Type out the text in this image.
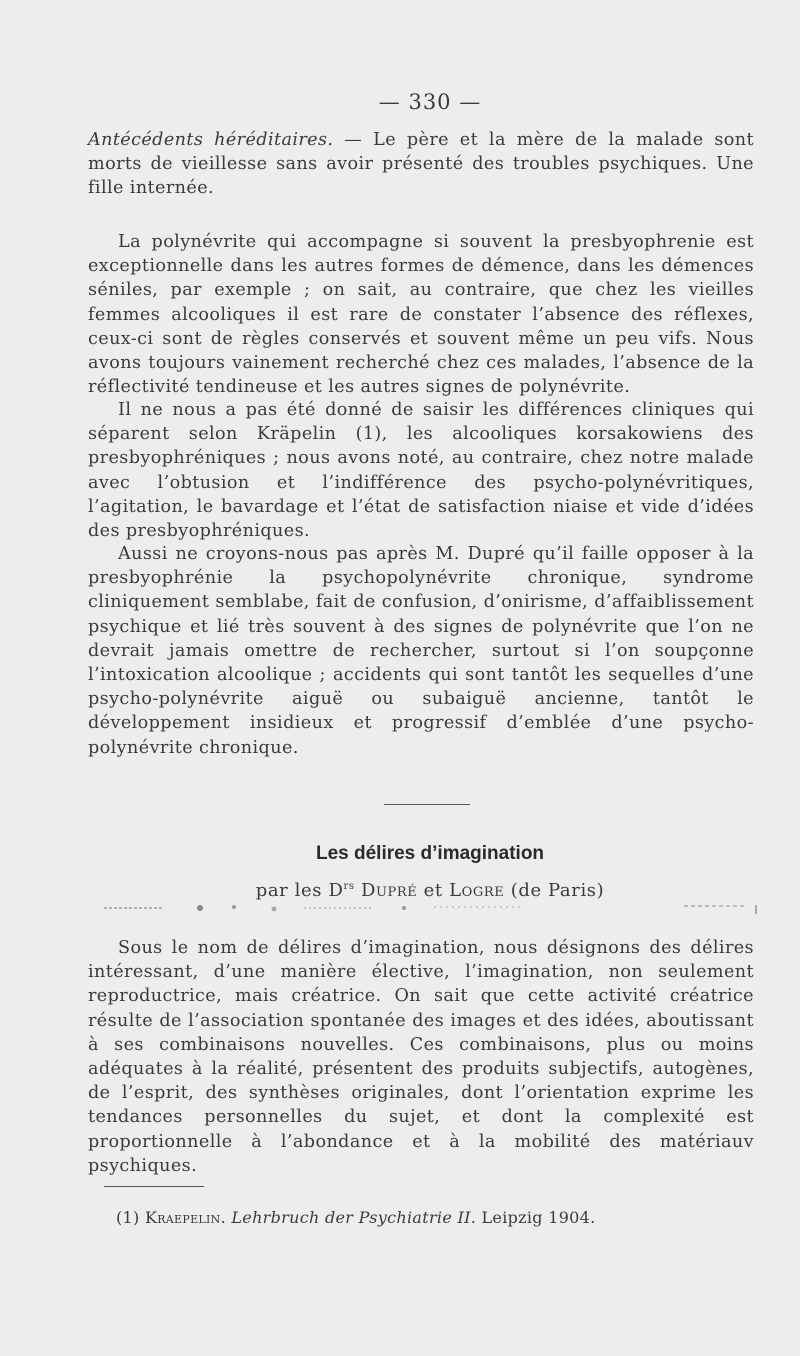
— 330 —

Antécédents héréditaires. — Le père et la mère de la malade sont morts de vieillesse sans avoir présenté des troubles psychiques. Une fille internée.

La polynévrite qui accompagne si souvent la presbyophrenie est exceptionnelle dans les autres formes de démence, dans les démences séniles, par exemple ; on sait, au contraire, que chez les vieilles femmes alcooliques il est rare de constater l’absence des réflexes, ceux-ci sont de règles conservés et souvent même un peu vifs. Nous avons toujours vainement recherché chez ces malades, l’absence de la réflectivité tendineuse et les autres signes de polynévrite.

Il ne nous a pas été donné de saisir les différences cliniques qui séparent selon Kräpelin (1), les alcooliques korsakowiens des presbyophréniques ; nous avons noté, au contraire, chez notre malade avec l’obtusion et l’indifférence des psycho-polynévritiques, l’agitation, le bavardage et l’état de satisfaction niaise et vide d’idées des presbyophréniques.

Aussi ne croyons-nous pas après M. Dupré qu’il faille opposer à la presbyophrénie la psychopolynévrite chronique, syndrome cliniquement semblabe, fait de confusion, d’onirisme, d’affaiblissement psychique et lié très souvent à des signes de polynévrite que l’on ne devrait jamais omettre de rechercher, surtout si l’on soupçonne l’intoxication alcoolique ; accidents qui sont tantôt les sequelles d’une psycho-polynévrite aiguë ou subaiguë ancienne, tantôt le développement insidieux et progressif d’emblée d’une psycho-polynévrite chronique.

Les délires d’imagination
par les $D^{rs}$ Dupré et Logre (de Paris)

Sous le nom de délires d’imagination, nous désignons des délires intéressant, d’une manière élective, l’imagination, non seulement reproductrice, mais créatrice. On sait que cette activité créatrice résulte de l’association spontanée des images et des idées, aboutissant à ses combinaisons nouvelles. Ces combinaisons, plus ou moins adéquates à la réalité, présentent des produits subjectifs, autogènes, de l’esprit, des synthèses originales, dont l’orientation exprime les tendances personnelles du sujet, et dont la complexité est proportionnelle à l’abondance et à la mobilité des matériauv psychiques.

(1) Kraepelin. Lehrbruch der Psychiatrie II. Leipzig 1904.
